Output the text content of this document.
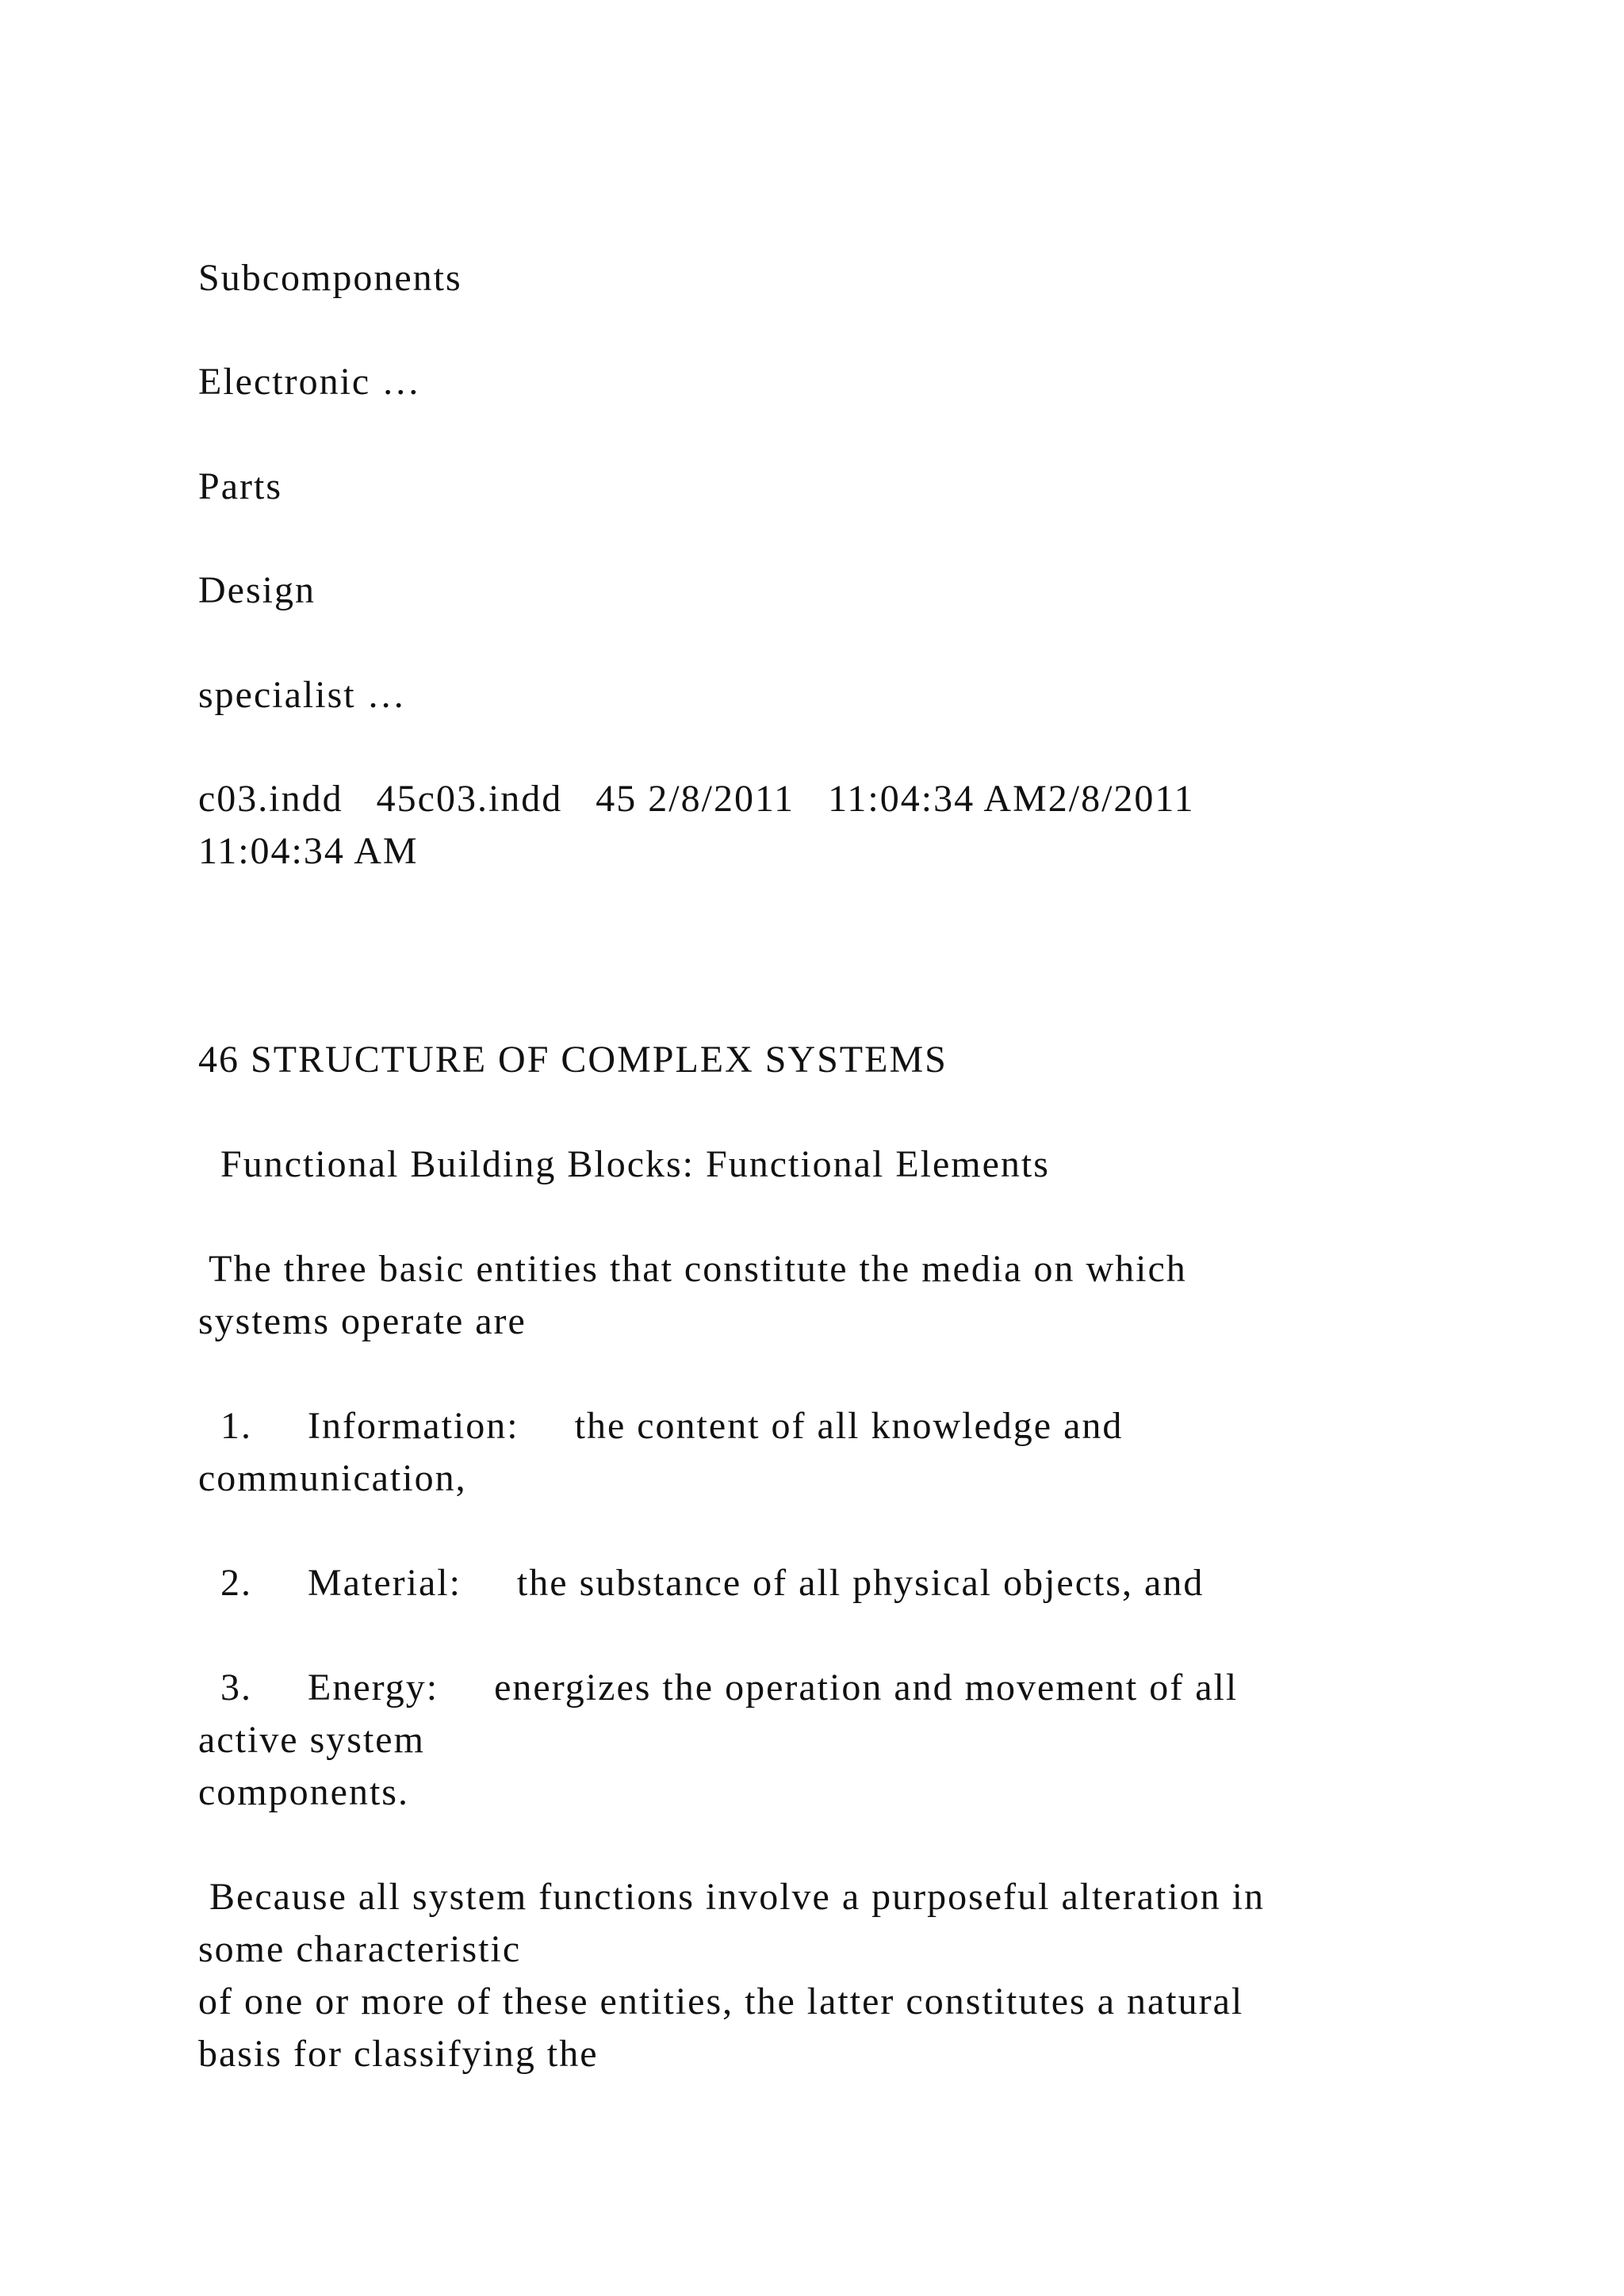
Subcomponents

Electronic …

Parts

Design

specialist …

c03.indd   45c03.indd   45 2/8/2011   11:04:34 AM2/8/2011

11:04:34 AM

46 STRUCTURE OF COMPLEX SYSTEMS

Functional Building Blocks: Functional Elements

The three basic entities that constitute the media on which

systems operate are

1.     Information:     the content of all knowledge and

communication,

2.     Material:     the substance of all physical objects, and

3.     Energy:     energizes the operation and movement of all

active system

components.

Because all system functions involve a purposeful alteration in

some characteristic

of one or more of these entities, the latter constitutes a natural

basis for classifying the
